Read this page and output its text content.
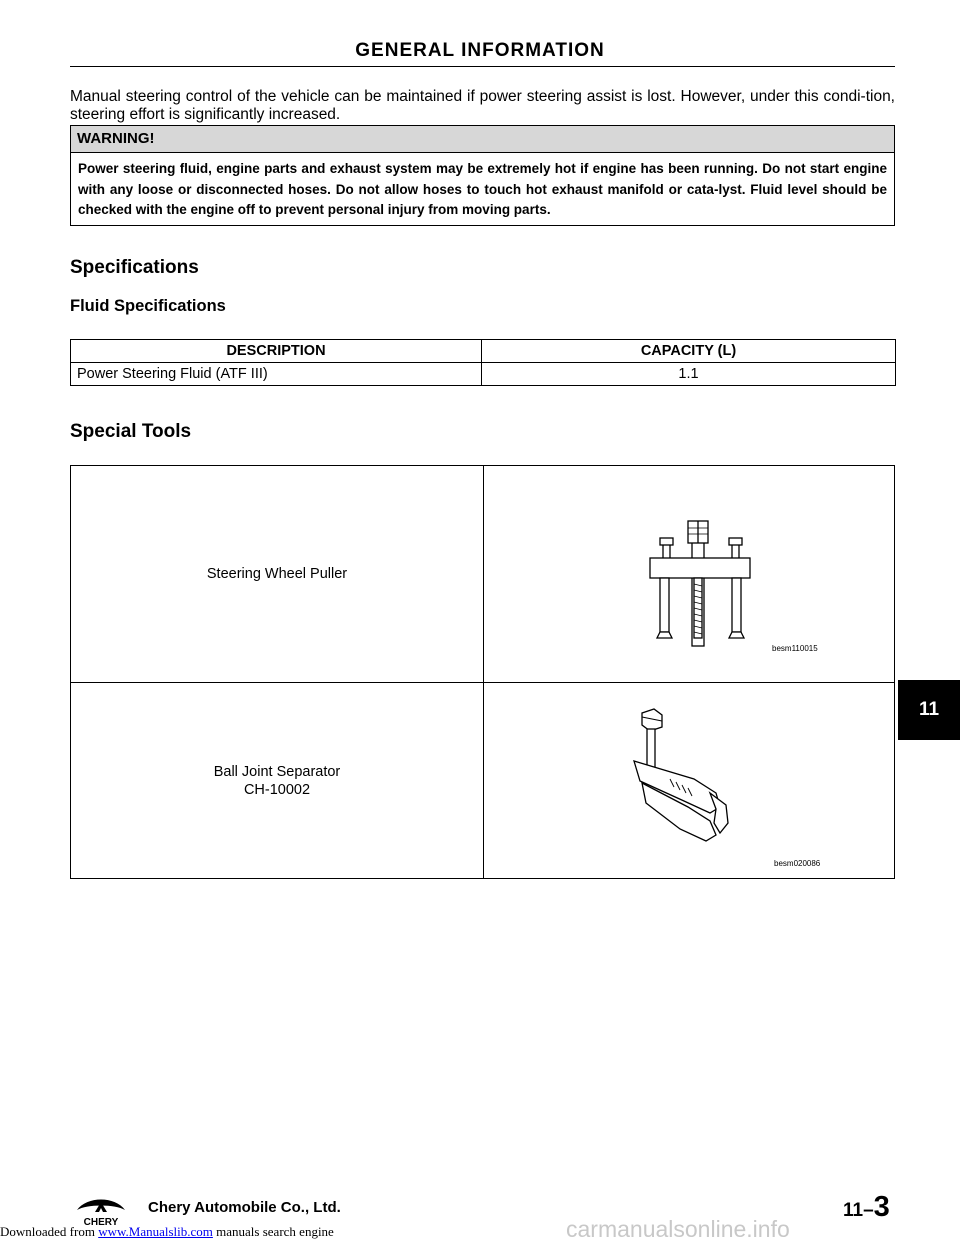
GENERAL INFORMATION
Manual steering control of the vehicle can be maintained if power steering assist is lost. However, under this condi-tion, steering effort is significantly increased.
WARNING!
Power steering fluid, engine parts and exhaust system may be extremely hot if engine has been running. Do not start engine with any loose or disconnected hoses. Do not allow hoses to touch hot exhaust manifold or cata-lyst. Fluid level should be checked with the engine off to prevent personal injury from moving parts.
Specifications
Fluid Specifications
DESCRIPTION	CAPACITY (L)
Power Steering Fluid (ATF III)	1.1
Special Tools
Steering Wheel Puller
besm110015
Ball Joint Separator
CH-10002
besm020086
11
CHERY
Chery Automobile Co., Ltd.	11–3
carmanualsonline.info
Downloaded from www.Manualslib.com manuals search engine
